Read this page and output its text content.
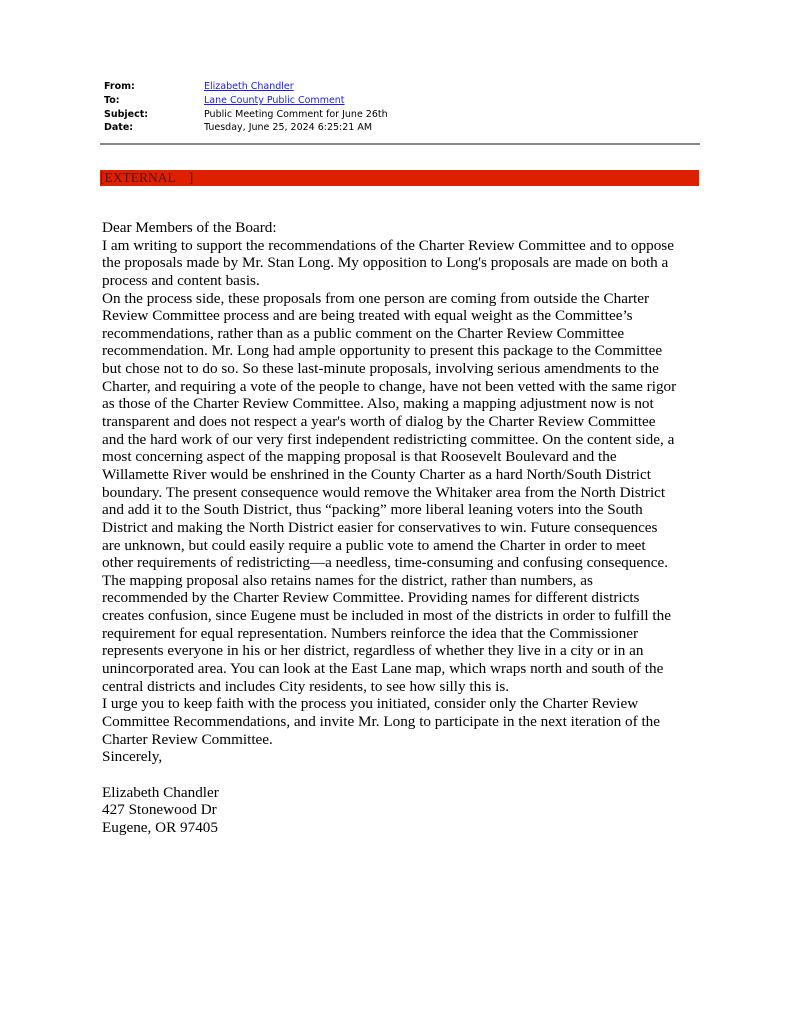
From:	Elizabeth Chandler
To:	Lane County Public Comment
Subject:	Public Meeting Comment for June 26th
Date:	Tuesday, June 25, 2024 6:25:21 AM
[EXTERNAL    ]
Dear Members of the Board:
I am writing to support the recommendations of the Charter Review Committee and to oppose
the proposals made by Mr. Stan Long. My opposition to Long's proposals are made on both a
process and content basis.
On the process side, these proposals from one person are coming from outside the Charter
Review Committee process and are being treated with equal weight as the Committee’s
recommendations, rather than as a public comment on the Charter Review Committee
recommendation. Mr. Long had ample opportunity to present this package to the Committee
but chose not to do so. So these last-minute proposals, involving serious amendments to the
Charter, and requiring a vote of the people to change, have not been vetted with the same rigor
as those of the Charter Review Committee. Also, making a mapping adjustment now is not
transparent and does not respect a year's worth of dialog by the Charter Review Committee
and the hard work of our very first independent redistricting committee. On the content side, a
most concerning aspect of the mapping proposal is that Roosevelt Boulevard and the
Willamette River would be enshrined in the County Charter as a hard North/South District
boundary. The present consequence would remove the Whitaker area from the North District
and add it to the South District, thus “packing” more liberal leaning voters into the South
District and making the North District easier for conservatives to win. Future consequences
are unknown, but could easily require a public vote to amend the Charter in order to meet
other requirements of redistricting—a needless, time-consuming and confusing consequence.
The mapping proposal also retains names for the district, rather than numbers, as
recommended by the Charter Review Committee. Providing names for different districts
creates confusion, since Eugene must be included in most of the districts in order to fulfill the
requirement for equal representation. Numbers reinforce the idea that the Commissioner
represents everyone in his or her district, regardless of whether they live in a city or in an
unincorporated area. You can look at the East Lane map, which wraps north and south of the
central districts and includes City residents, to see how silly this is.
I urge you to keep faith with the process you initiated, consider only the Charter Review
Committee Recommendations, and invite Mr. Long to participate in the next iteration of the
Charter Review Committee.
Sincerely,
Elizabeth Chandler
427 Stonewood Dr
Eugene, OR 97405
